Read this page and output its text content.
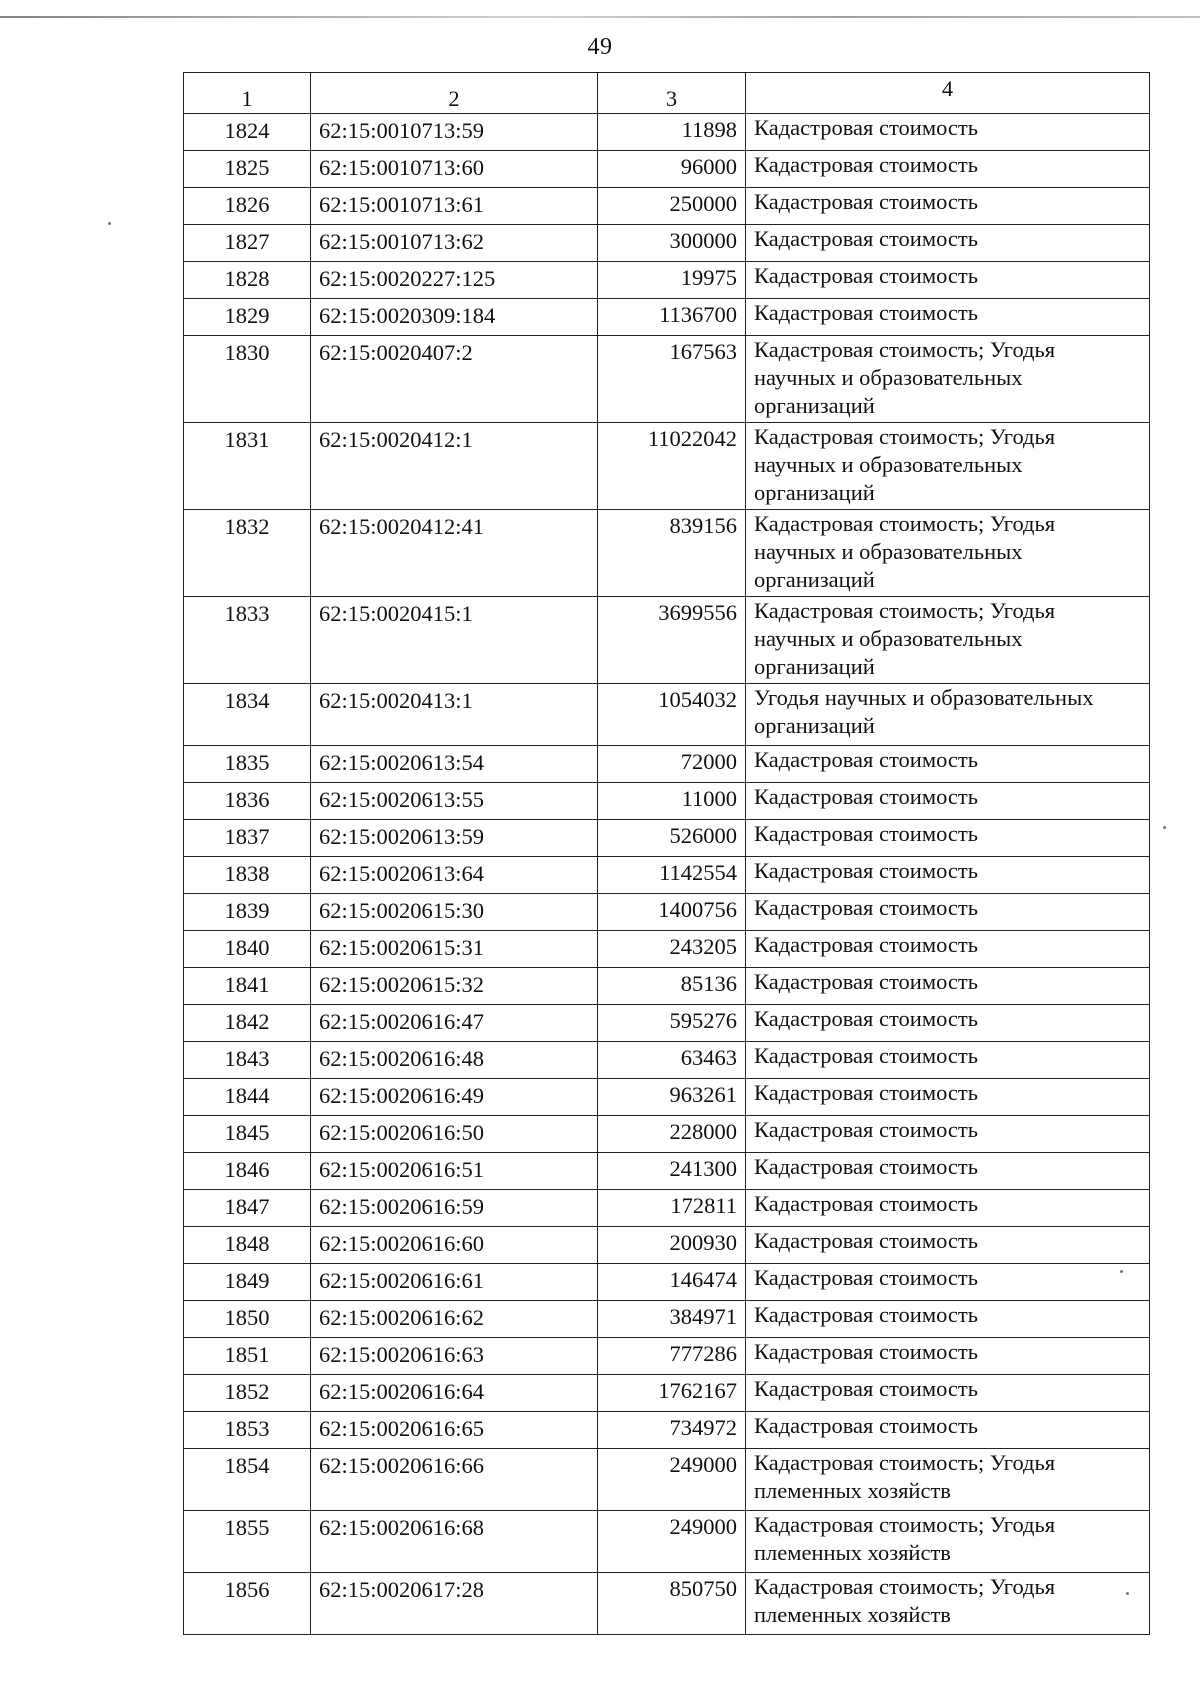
49
1	2	3	4
1824	62:15:0010713:59	11898	Кадастровая стоимость
1825	62:15:0010713:60	96000	Кадастровая стоимость
1826	62:15:0010713:61	250000	Кадастровая стоимость
1827	62:15:0010713:62	300000	Кадастровая стоимость
1828	62:15:0020227:125	19975	Кадастровая стоимость
1829	62:15:0020309:184	1136700	Кадастровая стоимость
1830	62:15:0020407:2	167563	Кадастровая стоимость; Угодья научных и образовательных организаций
1831	62:15:0020412:1	11022042	Кадастровая стоимость; Угодья научных и образовательных организаций
1832	62:15:0020412:41	839156	Кадастровая стоимость; Угодья научных и образовательных организаций
1833	62:15:0020415:1	3699556	Кадастровая стоимость; Угодья научных и образовательных организаций
1834	62:15:0020413:1	1054032	Угодья научных и образовательных организаций
1835	62:15:0020613:54	72000	Кадастровая стоимость
1836	62:15:0020613:55	11000	Кадастровая стоимость
1837	62:15:0020613:59	526000	Кадастровая стоимость
1838	62:15:0020613:64	1142554	Кадастровая стоимость
1839	62:15:0020615:30	1400756	Кадастровая стоимость
1840	62:15:0020615:31	243205	Кадастровая стоимость
1841	62:15:0020615:32	85136	Кадастровая стоимость
1842	62:15:0020616:47	595276	Кадастровая стоимость
1843	62:15:0020616:48	63463	Кадастровая стоимость
1844	62:15:0020616:49	963261	Кадастровая стоимость
1845	62:15:0020616:50	228000	Кадастровая стоимость
1846	62:15:0020616:51	241300	Кадастровая стоимость
1847	62:15:0020616:59	172811	Кадастровая стоимость
1848	62:15:0020616:60	200930	Кадастровая стоимость
1849	62:15:0020616:61	146474	Кадастровая стоимость
1850	62:15:0020616:62	384971	Кадастровая стоимость
1851	62:15:0020616:63	777286	Кадастровая стоимость
1852	62:15:0020616:64	1762167	Кадастровая стоимость
1853	62:15:0020616:65	734972	Кадастровая стоимость
1854	62:15:0020616:66	249000	Кадастровая стоимость; Угодья племенных хозяйств
1855	62:15:0020616:68	249000	Кадастровая стоимость; Угодья племенных хозяйств
1856	62:15:0020617:28	850750	Кадастровая стоимость; Угодья племенных хозяйств
